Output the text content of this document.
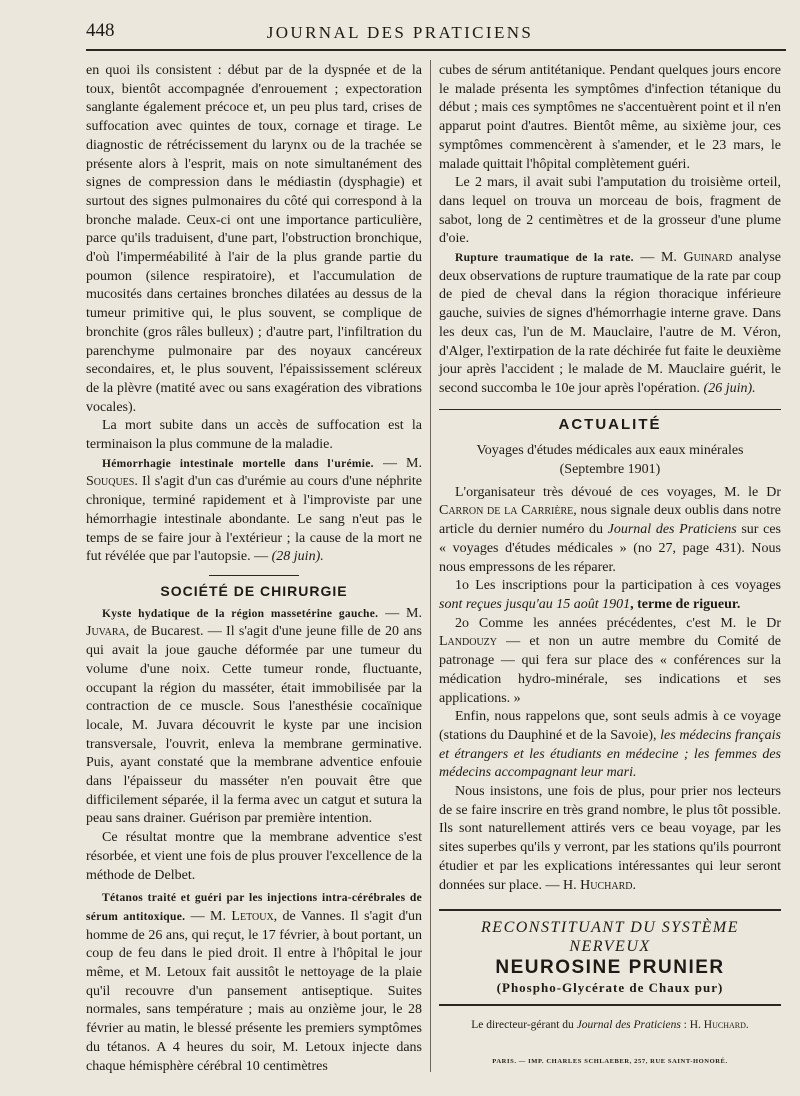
448	JOURNAL DES PRATICIENS

en quoi ils consistent : début par de la dyspnée et de la toux, bientôt accompagnée d'enrouement ; expectoration sanglante également précoce et, un peu plus tard, crises de suffocation avec quintes de toux, cornage et tirage. Le diagnostic de rétrécissement du larynx ou de la trachée se présente alors à l'esprit, mais on note simultanément des signes de compression dans le médiastin (dysphagie) et surtout des signes pulmonaires du côté qui correspond à la bronche malade. Ceux-ci ont une importance particulière, parce qu'ils traduisent, d'une part, l'obstruction bronchique, d'où l'imperméabilité à l'air de la plus grande partie du poumon (silence respiratoire), et l'accumulation de mucosités dans certaines bronches dilatées au dessus de la tumeur primitive qui, le plus souvent, se complique de bronchite (gros râles bulleux) ; d'autre part, l'infiltration du parenchyme pulmonaire par des noyaux cancéreux secondaires, et, le plus souvent, l'épaississement scléreux de la plèvre (matité avec ou sans exagération des vibrations vocales).

La mort subite dans un accès de suffocation est la terminaison la plus commune de la maladie.

Hémorrhagie intestinale mortelle dans l'urémie. — M. Souques. Il s'agit d'un cas d'urémie au cours d'une néphrite chronique, terminé rapidement et à l'improviste par une hémorrhagie intestinale abondante. Le sang n'eut pas le temps de se faire jour à l'extérieur ; la cause de la mort ne fut révélée que par l'autopsie. — (28 juin).

SOCIÉTÉ DE CHIRURGIE

Kyste hydatique de la région massetérine gauche. — M. Juvara, de Bucarest. — Il s'agit d'une jeune fille de 20 ans qui avait la joue gauche déformée par une tumeur du volume d'une noix. Cette tumeur ronde, fluctuante, occupant la région du masséter, était immobilisée par la contraction de ce muscle. Sous l'anesthésie cocaïnique locale, M. Juvara découvrit le kyste par une incision transversale, l'ouvrit, enleva la membrane germinative. Puis, ayant constaté que la membrane adventice enfouie dans l'épaisseur du masséter n'en pouvait être que difficilement séparée, il la ferma avec un catgut et sutura la peau sans drainer. Guérison par première intention.

Ce résultat montre que la membrane adventice s'est résorbée, et vient une fois de plus prouver l'excellence de la méthode de Delbet.

Tétanos traité et guéri par les injections intra-cérébrales de sérum antitoxique. — M. Letoux, de Vannes. Il s'agit d'un homme de 26 ans, qui reçut, le 17 février, à bout portant, un coup de feu dans le pied droit. Il entre à l'hôpital le jour même, et M. Letoux fait aussitôt le nettoyage de la plaie qu'il recouvre d'un pansement antiseptique. Suites normales, sans température ; mais au onzième jour, le 28 février au matin, le blessé présente les premiers symptômes du tétanos. A 4 heures du soir, M. Letoux injecte dans chaque hémisphère cérébral 10 centimètres

cubes de sérum antitétanique. Pendant quelques jours encore le malade présenta les symptômes d'infection tétanique du début ; mais ces symptômes ne s'accentuèrent point et il n'en apparut point d'autres. Bientôt même, au sixième jour, ces symptômes commencèrent à s'amender, et le 23 mars, le malade quittait l'hôpital complètement guéri.

Le 2 mars, il avait subi l'amputation du troisième orteil, dans lequel on trouva un morceau de bois, fragment de sabot, long de 2 centimètres et de la grosseur d'une plume d'oie.

Rupture traumatique de la rate. — M. Guinard analyse deux observations de rupture traumatique de la rate par coup de pied de cheval dans la région thoracique inférieure gauche, suivies de signes d'hémorrhagie interne grave. Dans les deux cas, l'un de M. Mauclaire, l'autre de M. Véron, d'Alger, l'extirpation de la rate déchirée fut faite le deuxième jour après l'accident ; le malade de M. Mauclaire guérit, le second succomba le 10e jour après l'opération. (26 juin).

ACTUALITÉ
Voyages d'études médicales aux eaux minérales
(Septembre 1901)

L'organisateur très dévoué de ces voyages, M. le Dr Carron de la Carrière, nous signale deux oublis dans notre article du dernier numéro du Journal des Praticiens sur ces « voyages d'études médicales » (no 27, page 431). Nous nous empressons de les réparer.

1o Les inscriptions pour la participation à ces voyages sont reçues jusqu'au 15 août 1901, terme de rigueur.

2o Comme les années précédentes, c'est M. le Dr Landouzy — et non un autre membre du Comité de patronage — qui fera sur place des « conférences sur la médication hydro-minérale, ses indications et ses applications. »

Enfin, nous rappelons que, sont seuls admis à ce voyage (stations du Dauphiné et de la Savoie), les médecins français et étrangers et les étudiants en médecine ; les femmes des médecins accompagnant leur mari.

Nous insistons, une fois de plus, pour prier nos lecteurs de se faire inscrire en très grand nombre, le plus tôt possible. Ils sont naturellement attirés vers ce beau voyage, par les sites superbes qu'ils y verront, par les stations qu'ils pourront étudier et par les explications intéressantes qui leur seront données sur place. — H. Huchard.

RECONSTITUANT DU SYSTÈME NERVEUX
NEUROSINE PRUNIER
(Phospho-Glycérate de Chaux pur)
Le directeur-gérant du Journal des Praticiens : H. Huchard.
PARIS. — IMP. CHARLES SCHLAEBER, 257, RUE SAINT-HONORÉ.
